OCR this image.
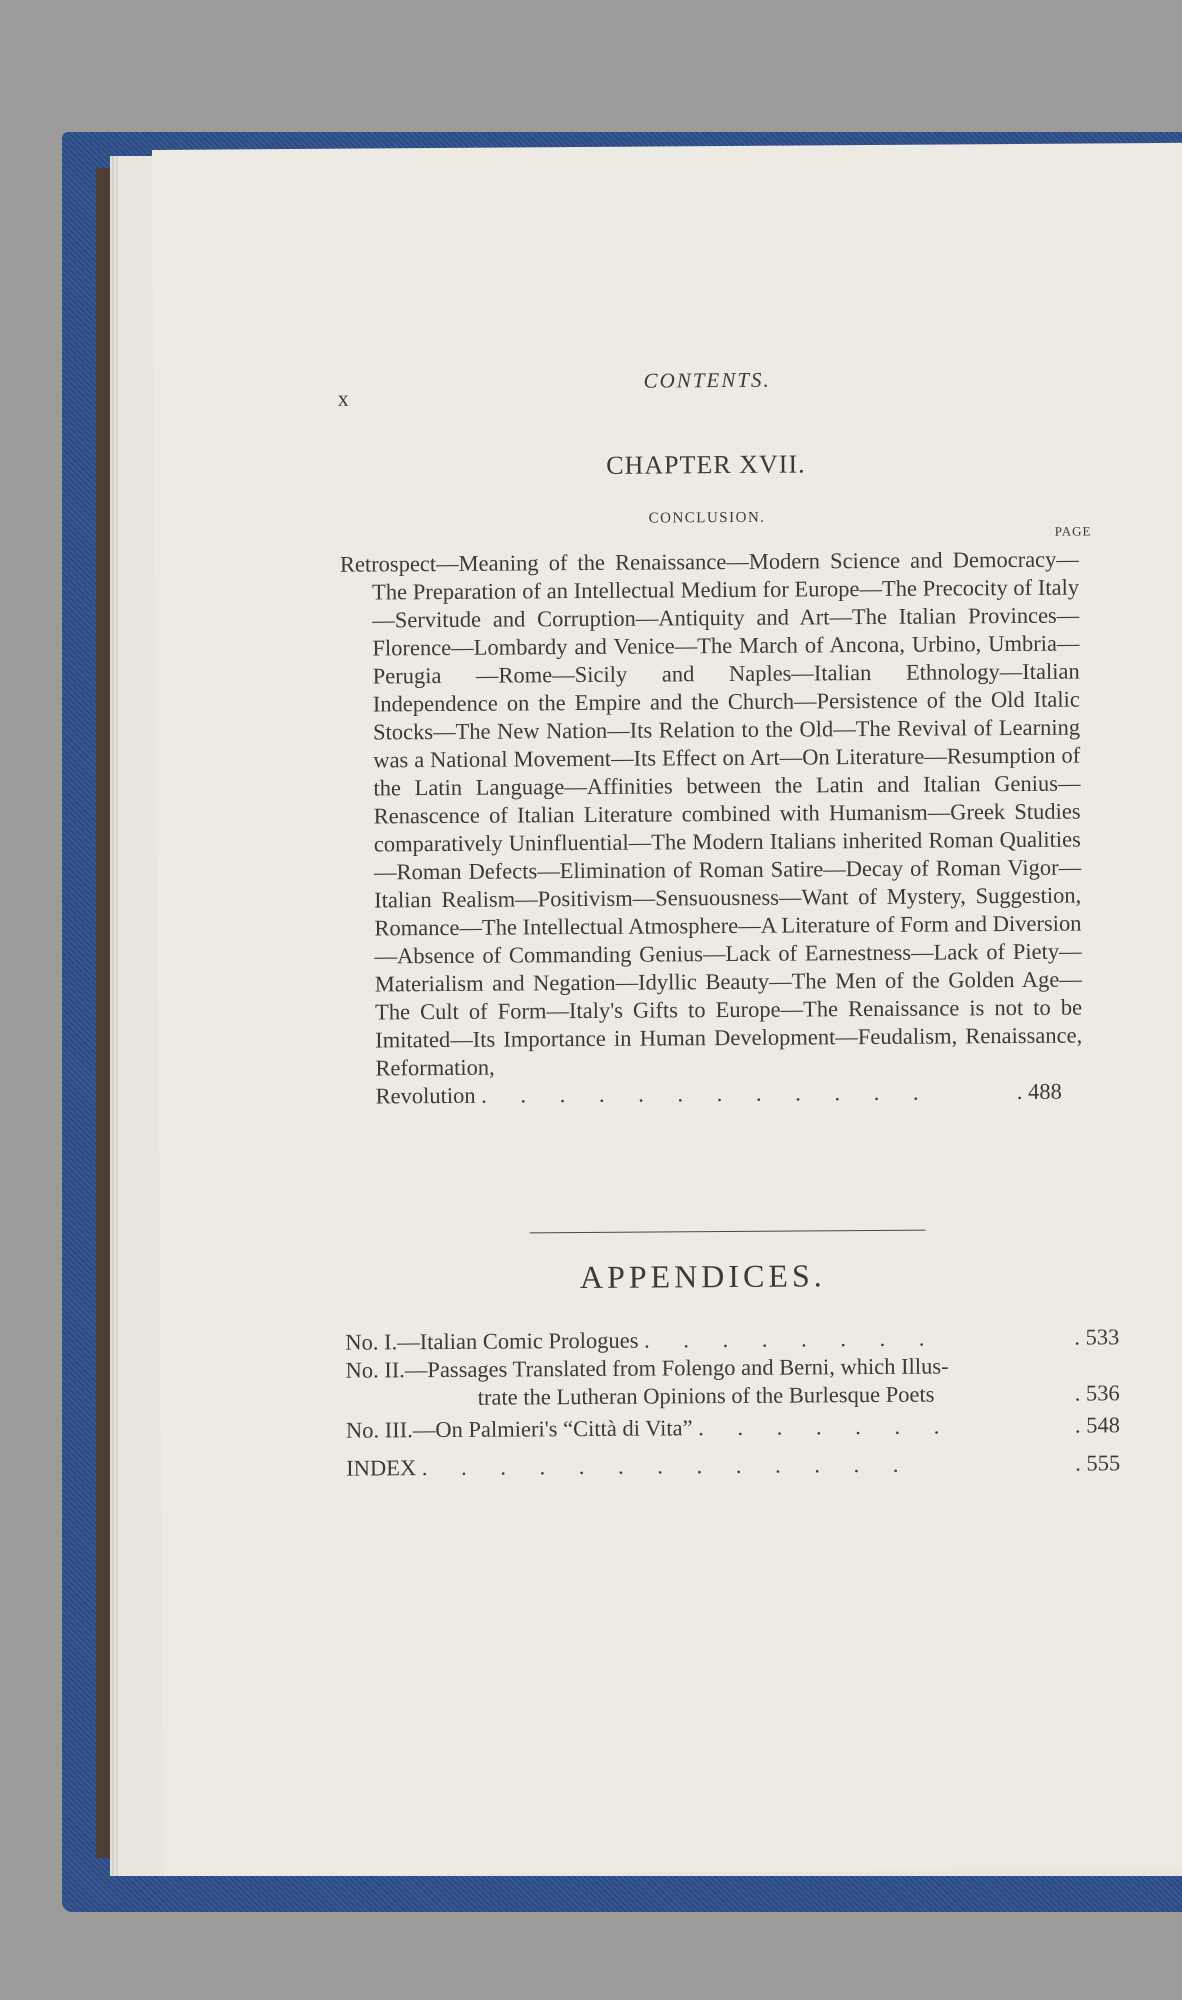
x
CONTENTS.
CHAPTER XVII.
CONCLUSION.
PAGE
Retrospect—Meaning of the Renaissance—Modern Science and Democracy—The Preparation of an Intellectual Medium for Europe—The Precocity of Italy—Servitude and Corruption—Antiquity and Art—The Italian Provinces—Florence—Lombardy and Venice—The March of Ancona, Urbino, Umbria—Perugia —Rome—Sicily and Naples—Italian Ethnology—Italian Independence on the Empire and the Church—Persistence of the Old Italic Stocks—The New Nation—Its Relation to the Old—The Revival of Learning was a National Movement—Its Effect on Art—On Literature—Resumption of the Latin Language—Affinities between the Latin and Italian Genius—Renascence of Italian Literature combined with Humanism—Greek Studies comparatively Uninfluential—The Modern Italians inherited Roman Qualities—Roman Defects—Elimination of Roman Satire—Decay of Roman Vigor—Italian Realism—Positivism—Sensuousness—Want of Mystery, Suggestion, Romance—The Intellectual Atmosphere—A Literature of Form and Diversion—Absence of Commanding Genius—Lack of Earnestness—Lack of Piety—Materialism and Negation—Idyllic Beauty—The Men of the Golden Age—The Cult of Form—Italy's Gifts to Europe—The Renaissance is not to be Imitated—Its Importance in Human Development—Feudalism, Renaissance, Reformation,
Revolution . . . . . . . . . . . .	. 488
APPENDICES.
No. I.—Italian Comic Prologues . . . . . . . .	. 533
No. II.—Passages Translated from Folengo and Berni, which Illus-
trate the Lutheran Opinions of the Burlesque Poets	. 536
No. III.—On Palmieri's “Città di Vita” . . . . . . .	. 548
INDEX . . . . . . . . . . . . .	. 555
